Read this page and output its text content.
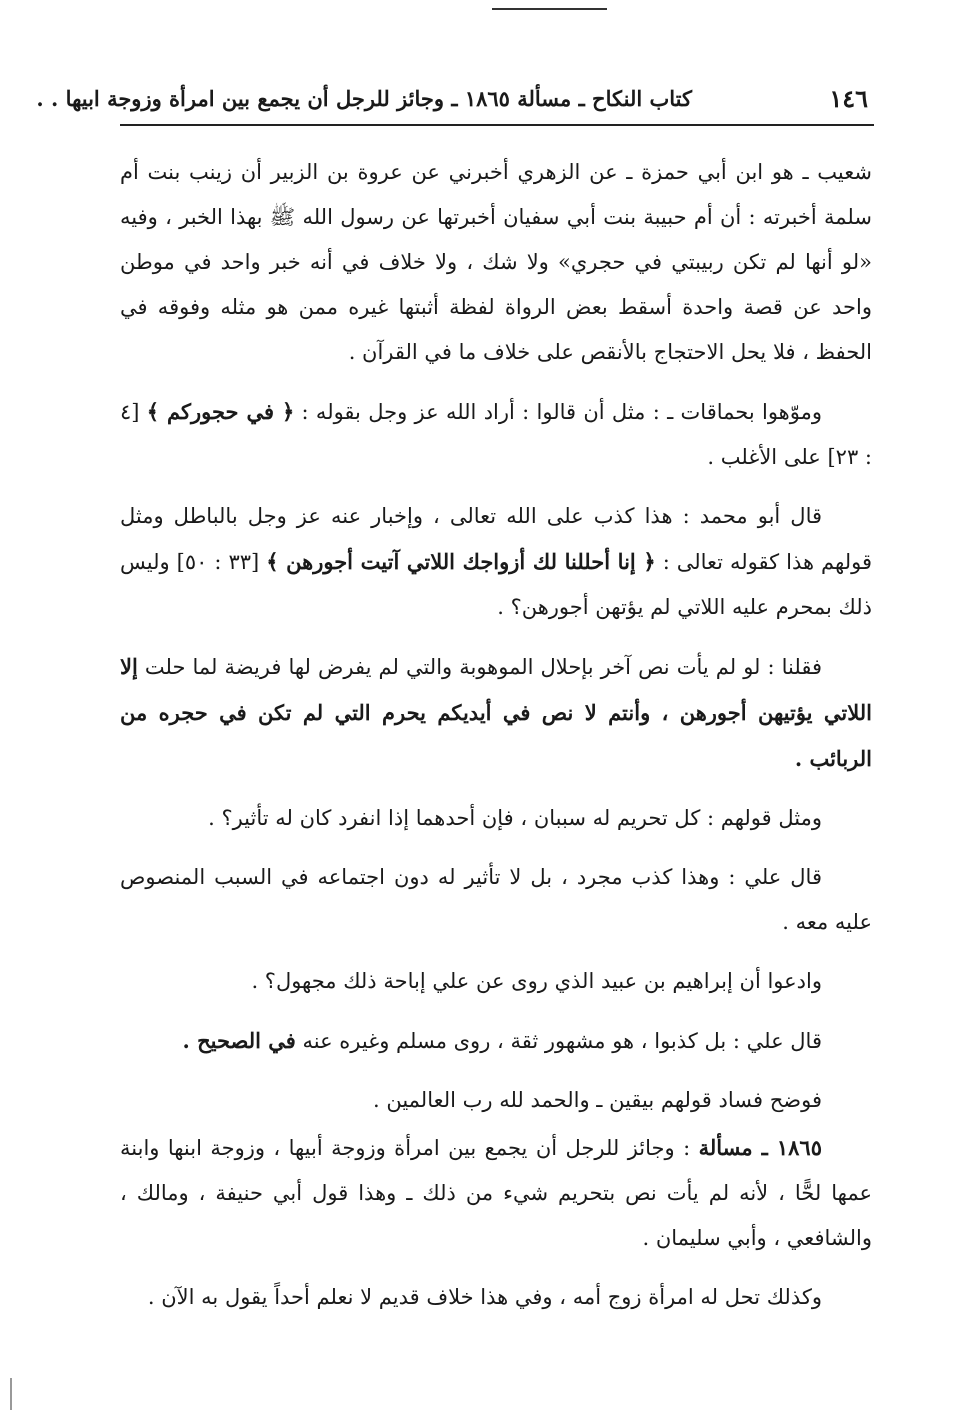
١٤٦
كتاب النكاح ـ مسألة ١٨٦٥ ـ وجائز للرجل أن يجمع بين امرأة وزوجة ابيها . .

شعيب ـ هو ابن أبي حمزة ـ عن الزهري أخبرني عن عروة بن الزبير أن زينب بنت أم سلمة أخبرته : أن أم حبيبة بنت أبي سفيان أخبرتها عن رسول الله ﷺ بهذا الخبر ، وفيه «لو أنها لم تكن ربيبتي في حجري» ولا شك ، ولا خلاف في أنه خبر واحد في موطن واحد عن قصة واحدة أسقط بعض الرواة لفظة أثبتها غيره ممن هو مثله وفوقه في الحفظ ، فلا يحل الاحتجاج بالأنقص على خلاف ما في القرآن .

وموّهوا بحماقات ـ : مثل أن قالوا : أراد الله عز وجل بقوله : ﴿ في حجوركم ﴾ [٤ : ٢٣] على الأغلب .

قال أبو محمد : هذا كذب على الله تعالى ، وإخبار عنه عز وجل بالباطل ومثل قولهم هذا كقوله تعالى : ﴿ إنا أحللنا لك أزواجك اللاتي آتيت أجورهن ﴾ [٣٣ : ٥٠] وليس ذلك بمحرم عليه اللاتي لم يؤتهن أجورهن؟ .

فقلنا : لو لم يأت نص آخر بإحلال الموهوبة والتي لم يفرض لها فريضة لما حلت إلا اللاتي يؤتيهن أجورهن ، وأنتم لا نص في أيديكم يحرم التي لم تكن في حجره من الربائب .

ومثل قولهم : كل تحريم له سببان ، فإن أحدهما إذا انفرد كان له تأثير؟ .

قال علي : وهذا كذب مجرد ، بل لا تأثير له دون اجتماعه في السبب المنصوص عليه معه .

وادعوا أن إبراهيم بن عبيد الذي روى عن علي إباحة ذلك مجهول؟ .

قال علي : بل كذبوا ، هو مشهور ثقة ، روى مسلم وغيره عنه في الصحيح .

فوضح فساد قولهم بيقين ـ والحمد لله رب العالمين .

١٨٦٥ ـ مسألة : وجائز للرجل أن يجمع بين امرأة وزوجة أبيها ، وزوجة ابنها وابنة عمها لحًّا ، لأنه لم يأت نص بتحريم شيء من ذلك ـ وهذا قول أبي حنيفة ، ومالك ، والشافعي ، وأبي سليمان .

وكذلك تحل له امرأة زوج أمه ، وفي هذا خلاف قديم لا نعلم أحداً يقول به الآن .
